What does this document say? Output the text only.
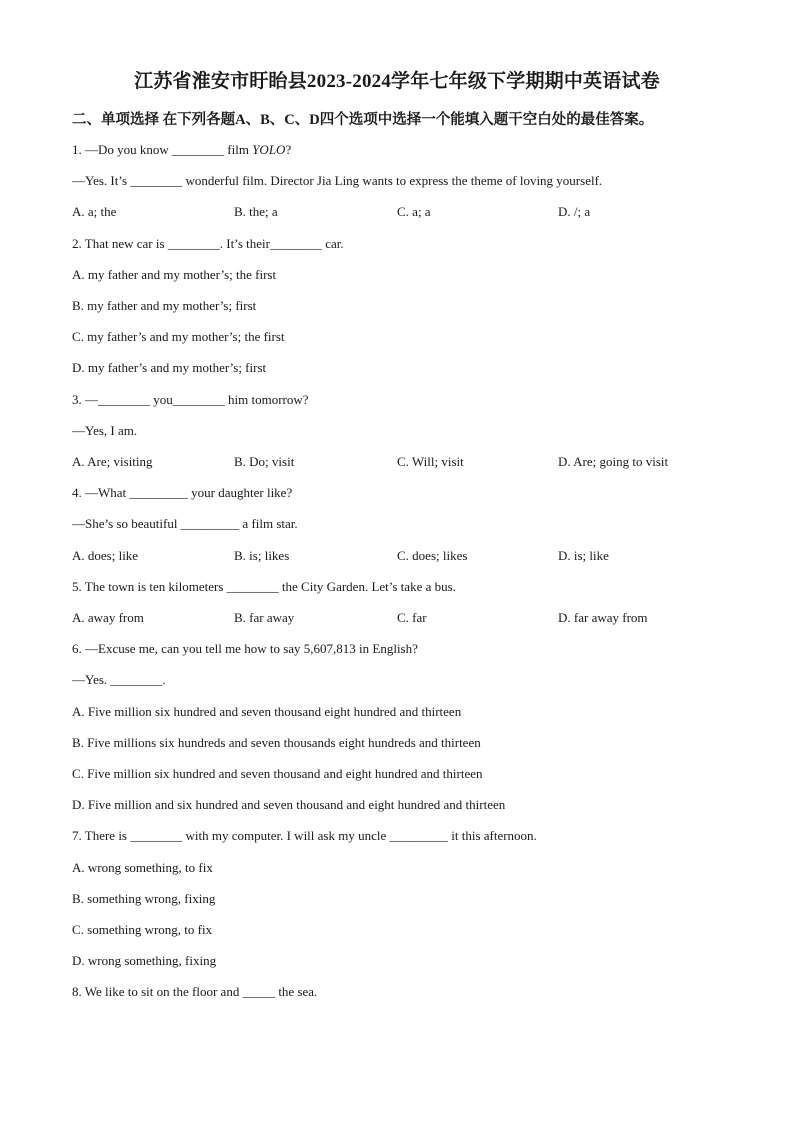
江苏省淮安市盱眙县2023-2024学年七年级下学期期中英语试卷
二、单项选择 在下列各题A、B、C、D四个选项中选择一个能填入题干空白处的最佳答案。
1. —Do you know ________ film YOLO?
—Yes. It’s ________ wonderful film. Director Jia Ling wants to express the theme of loving yourself.
A. a; the	B. the; a	C. a; a	D. /; a
2. That new car is ________. It’s their________ car.
A. my father and my mother’s; the first
B. my father and my mother’s; first
C. my father’s and my mother’s; the first
D. my father’s and my mother’s; first
3. —________ you________ him tomorrow?
—Yes, I am.
A. Are; visiting	B. Do; visit	C. Will; visit	D. Are; going to visit
4. —What _________ your daughter like?
—She’s so beautiful _________ a film star.
A. does; like	B. is; likes	C. does; likes	D. is; like
5. The town is ten kilometers ________ the City Garden. Let’s take a bus.
A. away from	B. far away	C. far	D. far away from
6. —Excuse me, can you tell me how to say 5,607,813 in English?
—Yes. ________.
A. Five million six hundred and seven thousand eight hundred and thirteen
B. Five millions six hundreds and seven thousands eight hundreds and thirteen
C. Five million six hundred and seven thousand and eight hundred and thirteen
D. Five million and six hundred and seven thousand and eight hundred and thirteen
7. There is ________ with my computer. I will ask my uncle _________ it this afternoon.
A. wrong something, to fix
B. something wrong, fixing
C. something wrong, to fix
D. wrong something, fixing
8. We like to sit on the floor and _____ the sea.
